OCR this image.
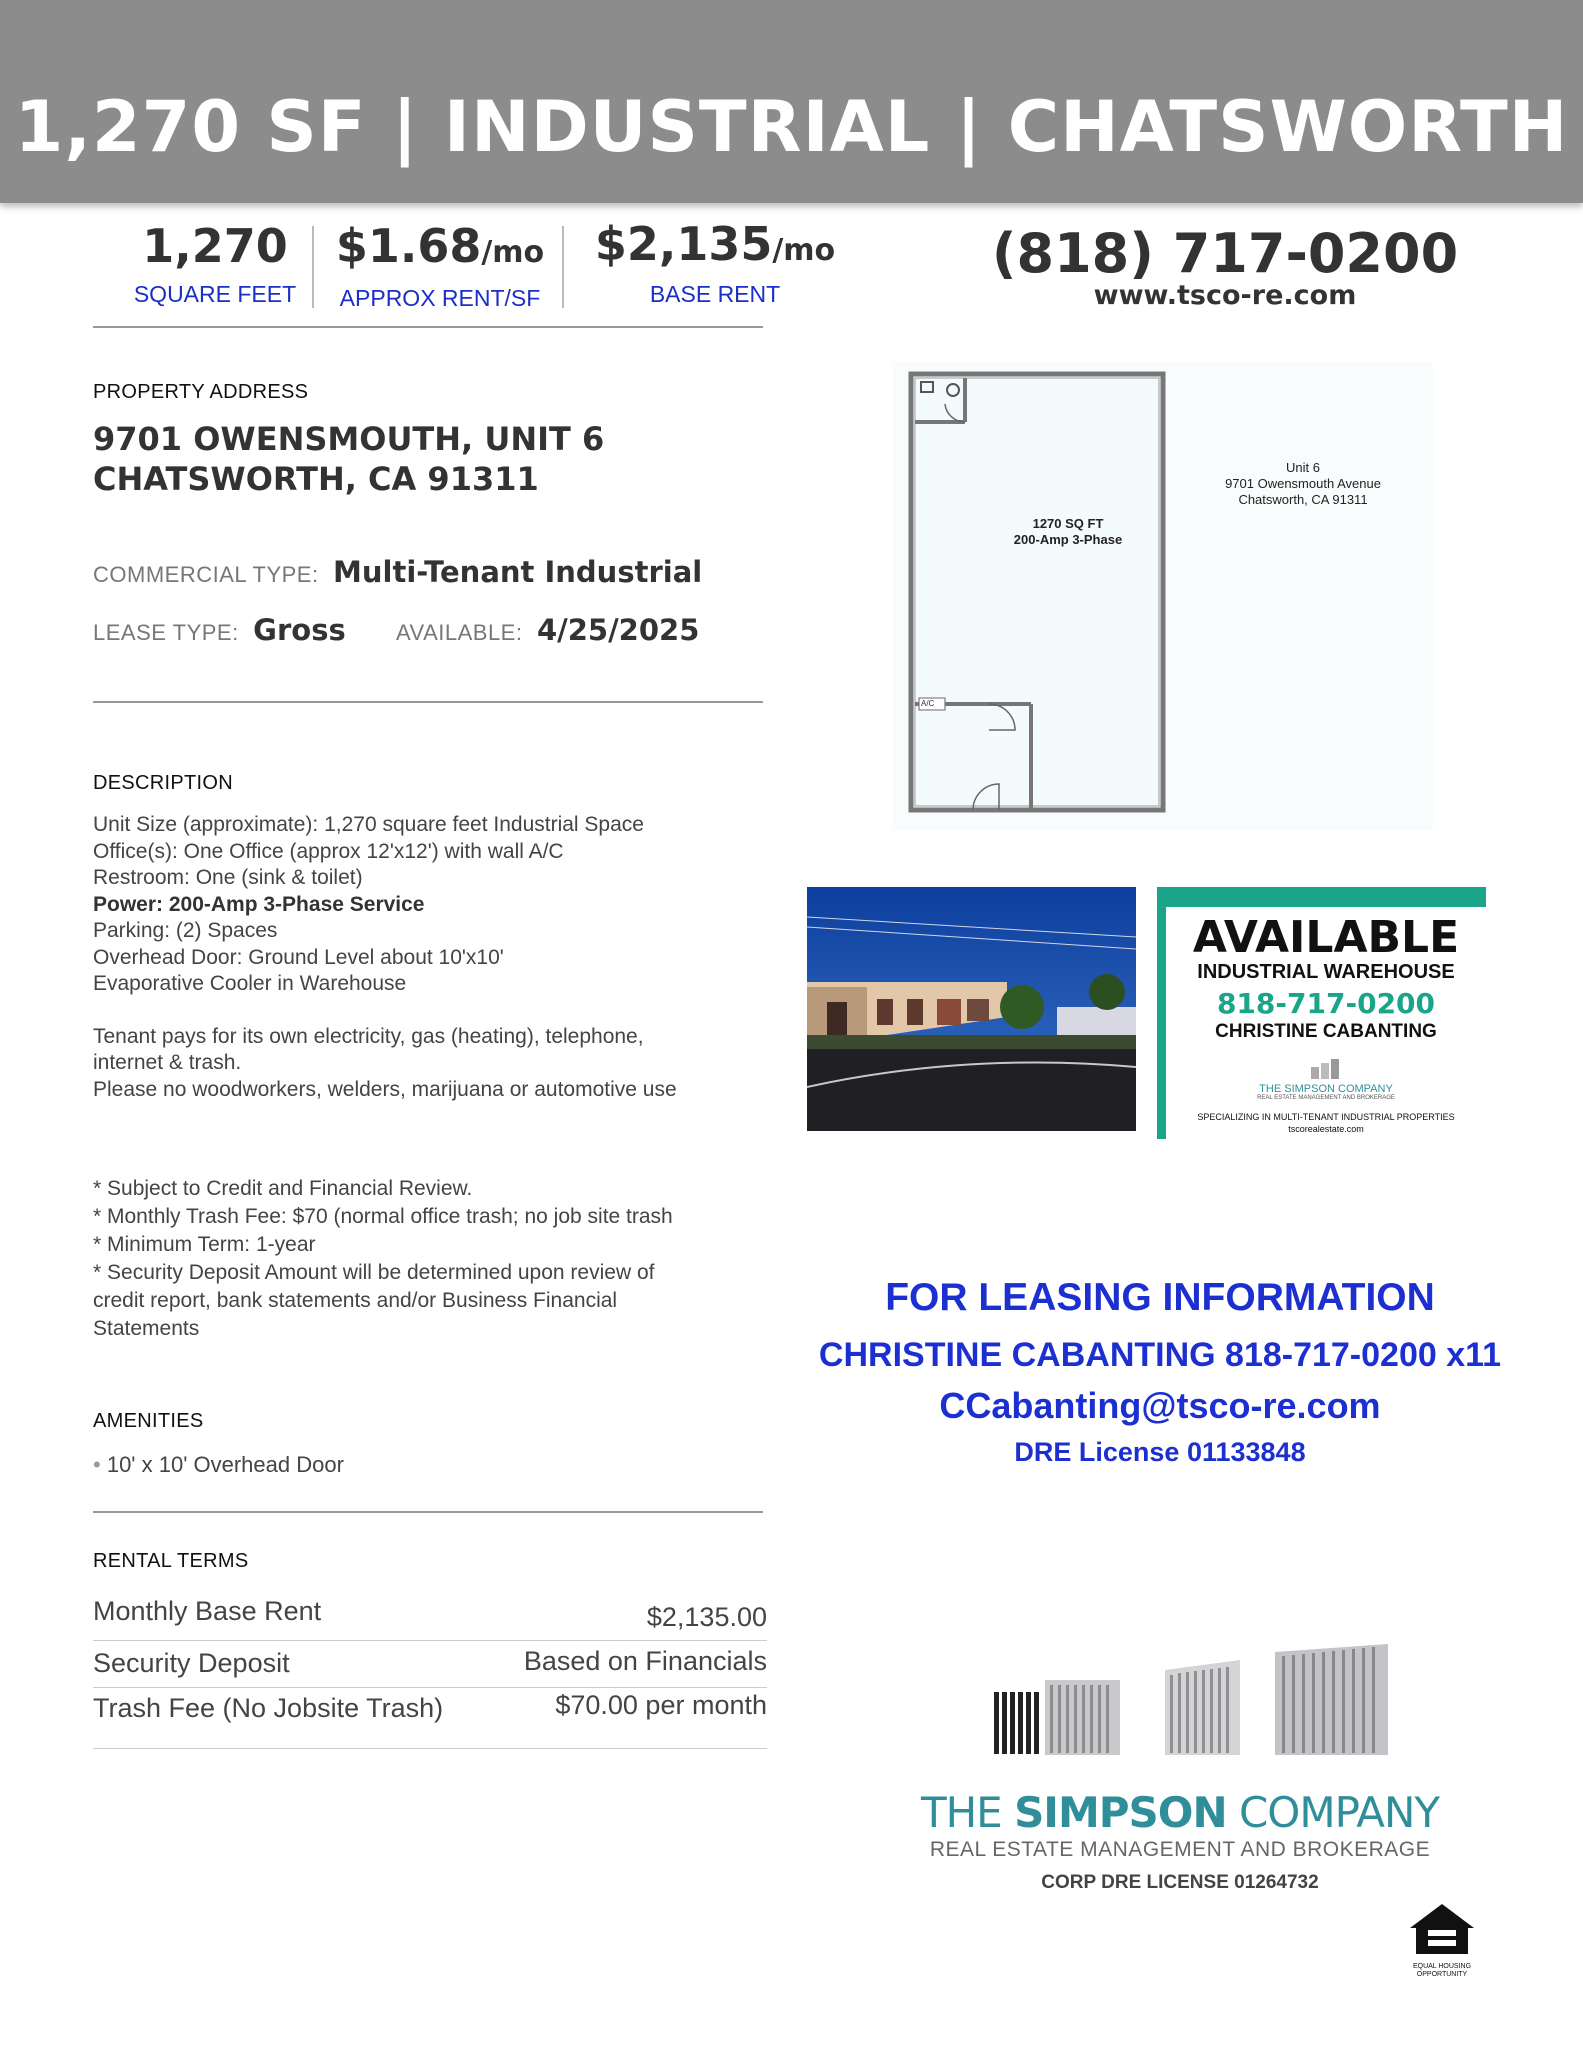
1,270 SF | INDUSTRIAL | CHATSWORTH
1,270
SQUARE FEET
$1.68/mo
APPROX RENT/SF
$2,135/mo
BASE RENT
(818) 717-0200
www.tsco-re.com
PROPERTY ADDRESS
9701 OWENSMOUTH, UNIT 6
CHATSWORTH, CA 91311
COMMERCIAL TYPE: Multi-Tenant Industrial
LEASE TYPE: Gross AVAILABLE: 4/25/2025
DESCRIPTION
Unit Size (approximate): 1,270 square feet Industrial Space
Office(s): One Office (approx 12'x12') with wall A/C
Restroom: One (sink & toilet)
Power: 200-Amp 3-Phase Service
Parking: (2) Spaces
Overhead Door: Ground Level about 10'x10'
Evaporative Cooler in Warehouse
Tenant pays for its own electricity, gas (heating), telephone,
internet & trash.
Please no woodworkers, welders, marijuana or automotive use
* Subject to Credit and Financial Review.
* Monthly Trash Fee: $70 (normal office trash; no job site trash
* Minimum Term: 1-year
* Security Deposit Amount will be determined upon review of
credit report, bank statements and/or Business Financial
Statements
AMENITIES
• 10' x 10' Overhead Door
RENTAL TERMS
Monthly Base Rent	$2,135.00
Security Deposit	Based on Financials
Trash Fee (No Jobsite Trash)	$70.00 per month
A/C
1270 SQ FT
200-Amp 3-Phase
Unit 6
9701 Owensmouth Avenue
Chatsworth, CA 91311
AVAILABLE
INDUSTRIAL WAREHOUSE
818-717-0200
CHRISTINE CABANTING
THE SIMPSON COMPANY
REAL ESTATE MANAGEMENT AND BROKERAGE
SPECIALIZING IN MULTI-TENANT INDUSTRIAL PROPERTIES
tscorealestate.com
FOR LEASING INFORMATION
CHRISTINE CABANTING 818-717-0200 x11
CCabanting@tsco-re.com
DRE License 01133848
THE SIMPSON COMPANY
REAL ESTATE MANAGEMENT AND BROKERAGE
CORP DRE LICENSE 01264732
EQUAL HOUSING OPPORTUNITY
